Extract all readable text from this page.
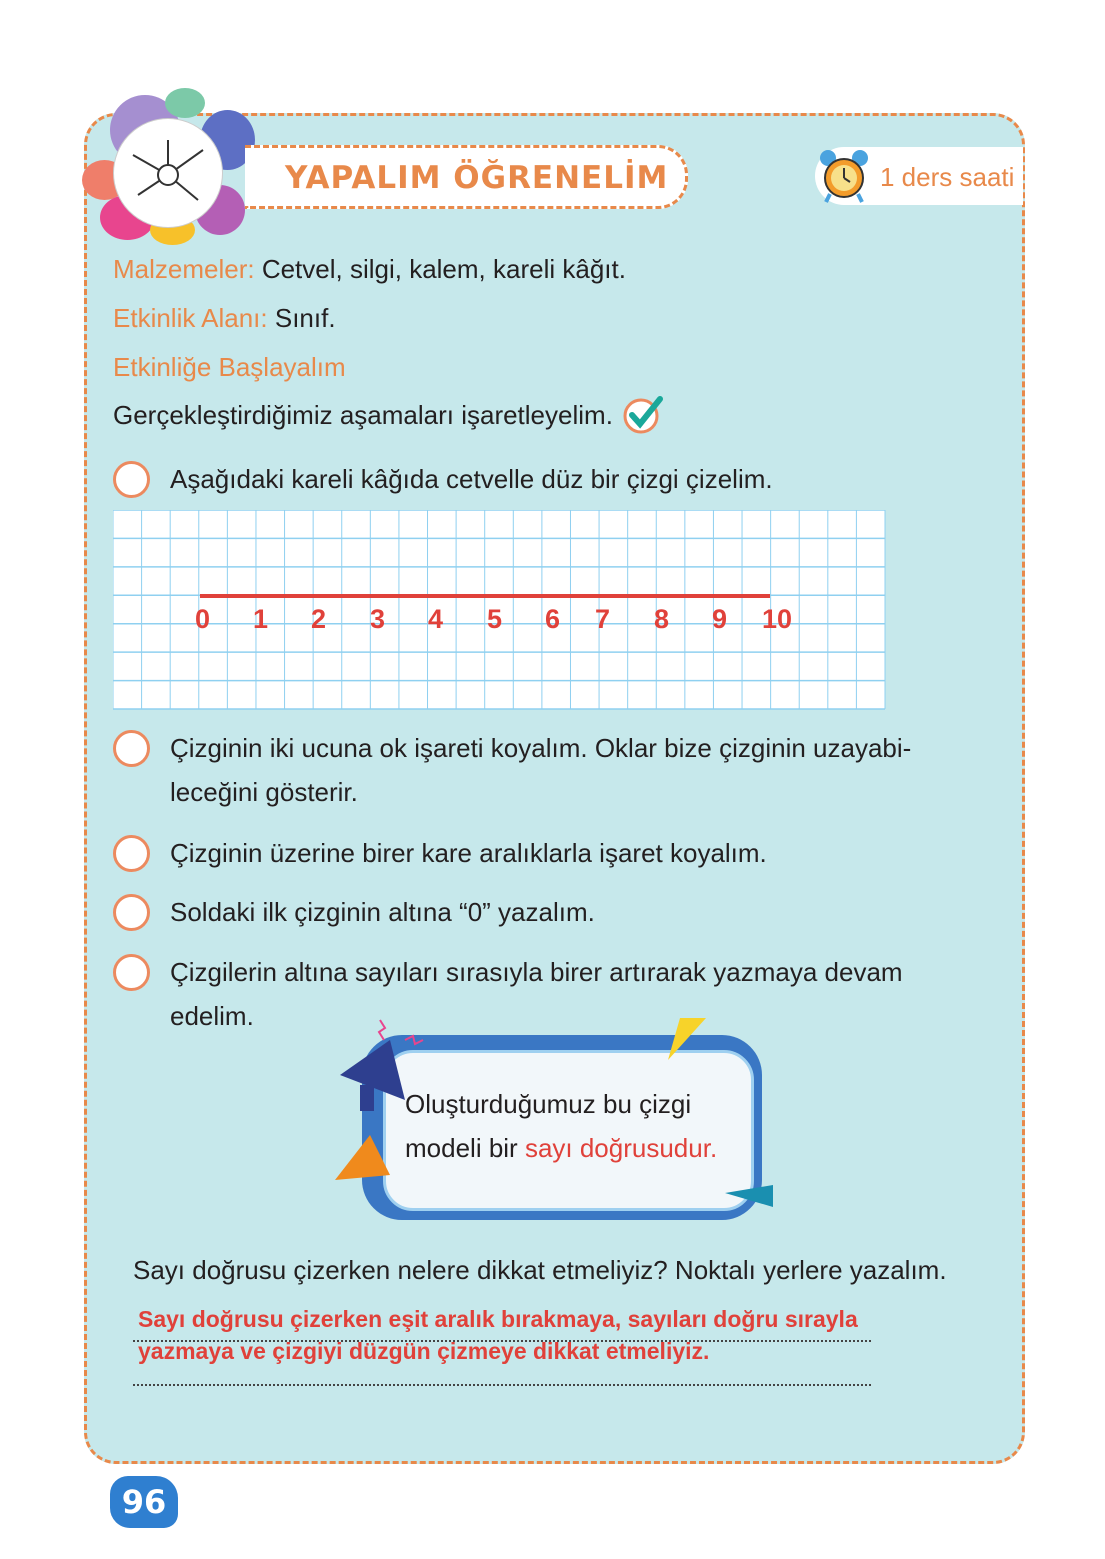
YAPALIM ÖĞRENELİM	1 ders saati
Malzemeler: Cetvel, silgi, kalem, kareli kâğıt.
Etkinlik Alanı: Sınıf.
Etkinliğe Başlayalım
Gerçekleştirdiğimiz aşamaları işaretleyelim.
Aşağıdaki kareli kâğıda cetvelle düz bir çizgi çizelim.
0 1 2 3 4 5 6 7 8 9 10
Çizginin iki ucuna ok işareti koyalım. Oklar bize çizginin uzayabi-leceğini gösterir.
Çizginin üzerine birer kare aralıklarla işaret koyalım.
Soldaki ilk çizginin altına “0” yazalım.
Çizgilerin altına sayıları sırasıyla birer artırarak yazmaya devam edelim.
Oluşturduğumuz bu çizgi
modeli bir sayı doğrusudur.
Sayı doğrusu çizerken nelere dikkat etmeliyiz? Noktalı yerlere yazalım.
Sayı doğrusu çizerken eşit aralık bırakmaya, sayıları doğru sırayla
yazmaya ve çizgiyi düzgün çizmeye dikkat etmeliyiz.
96
